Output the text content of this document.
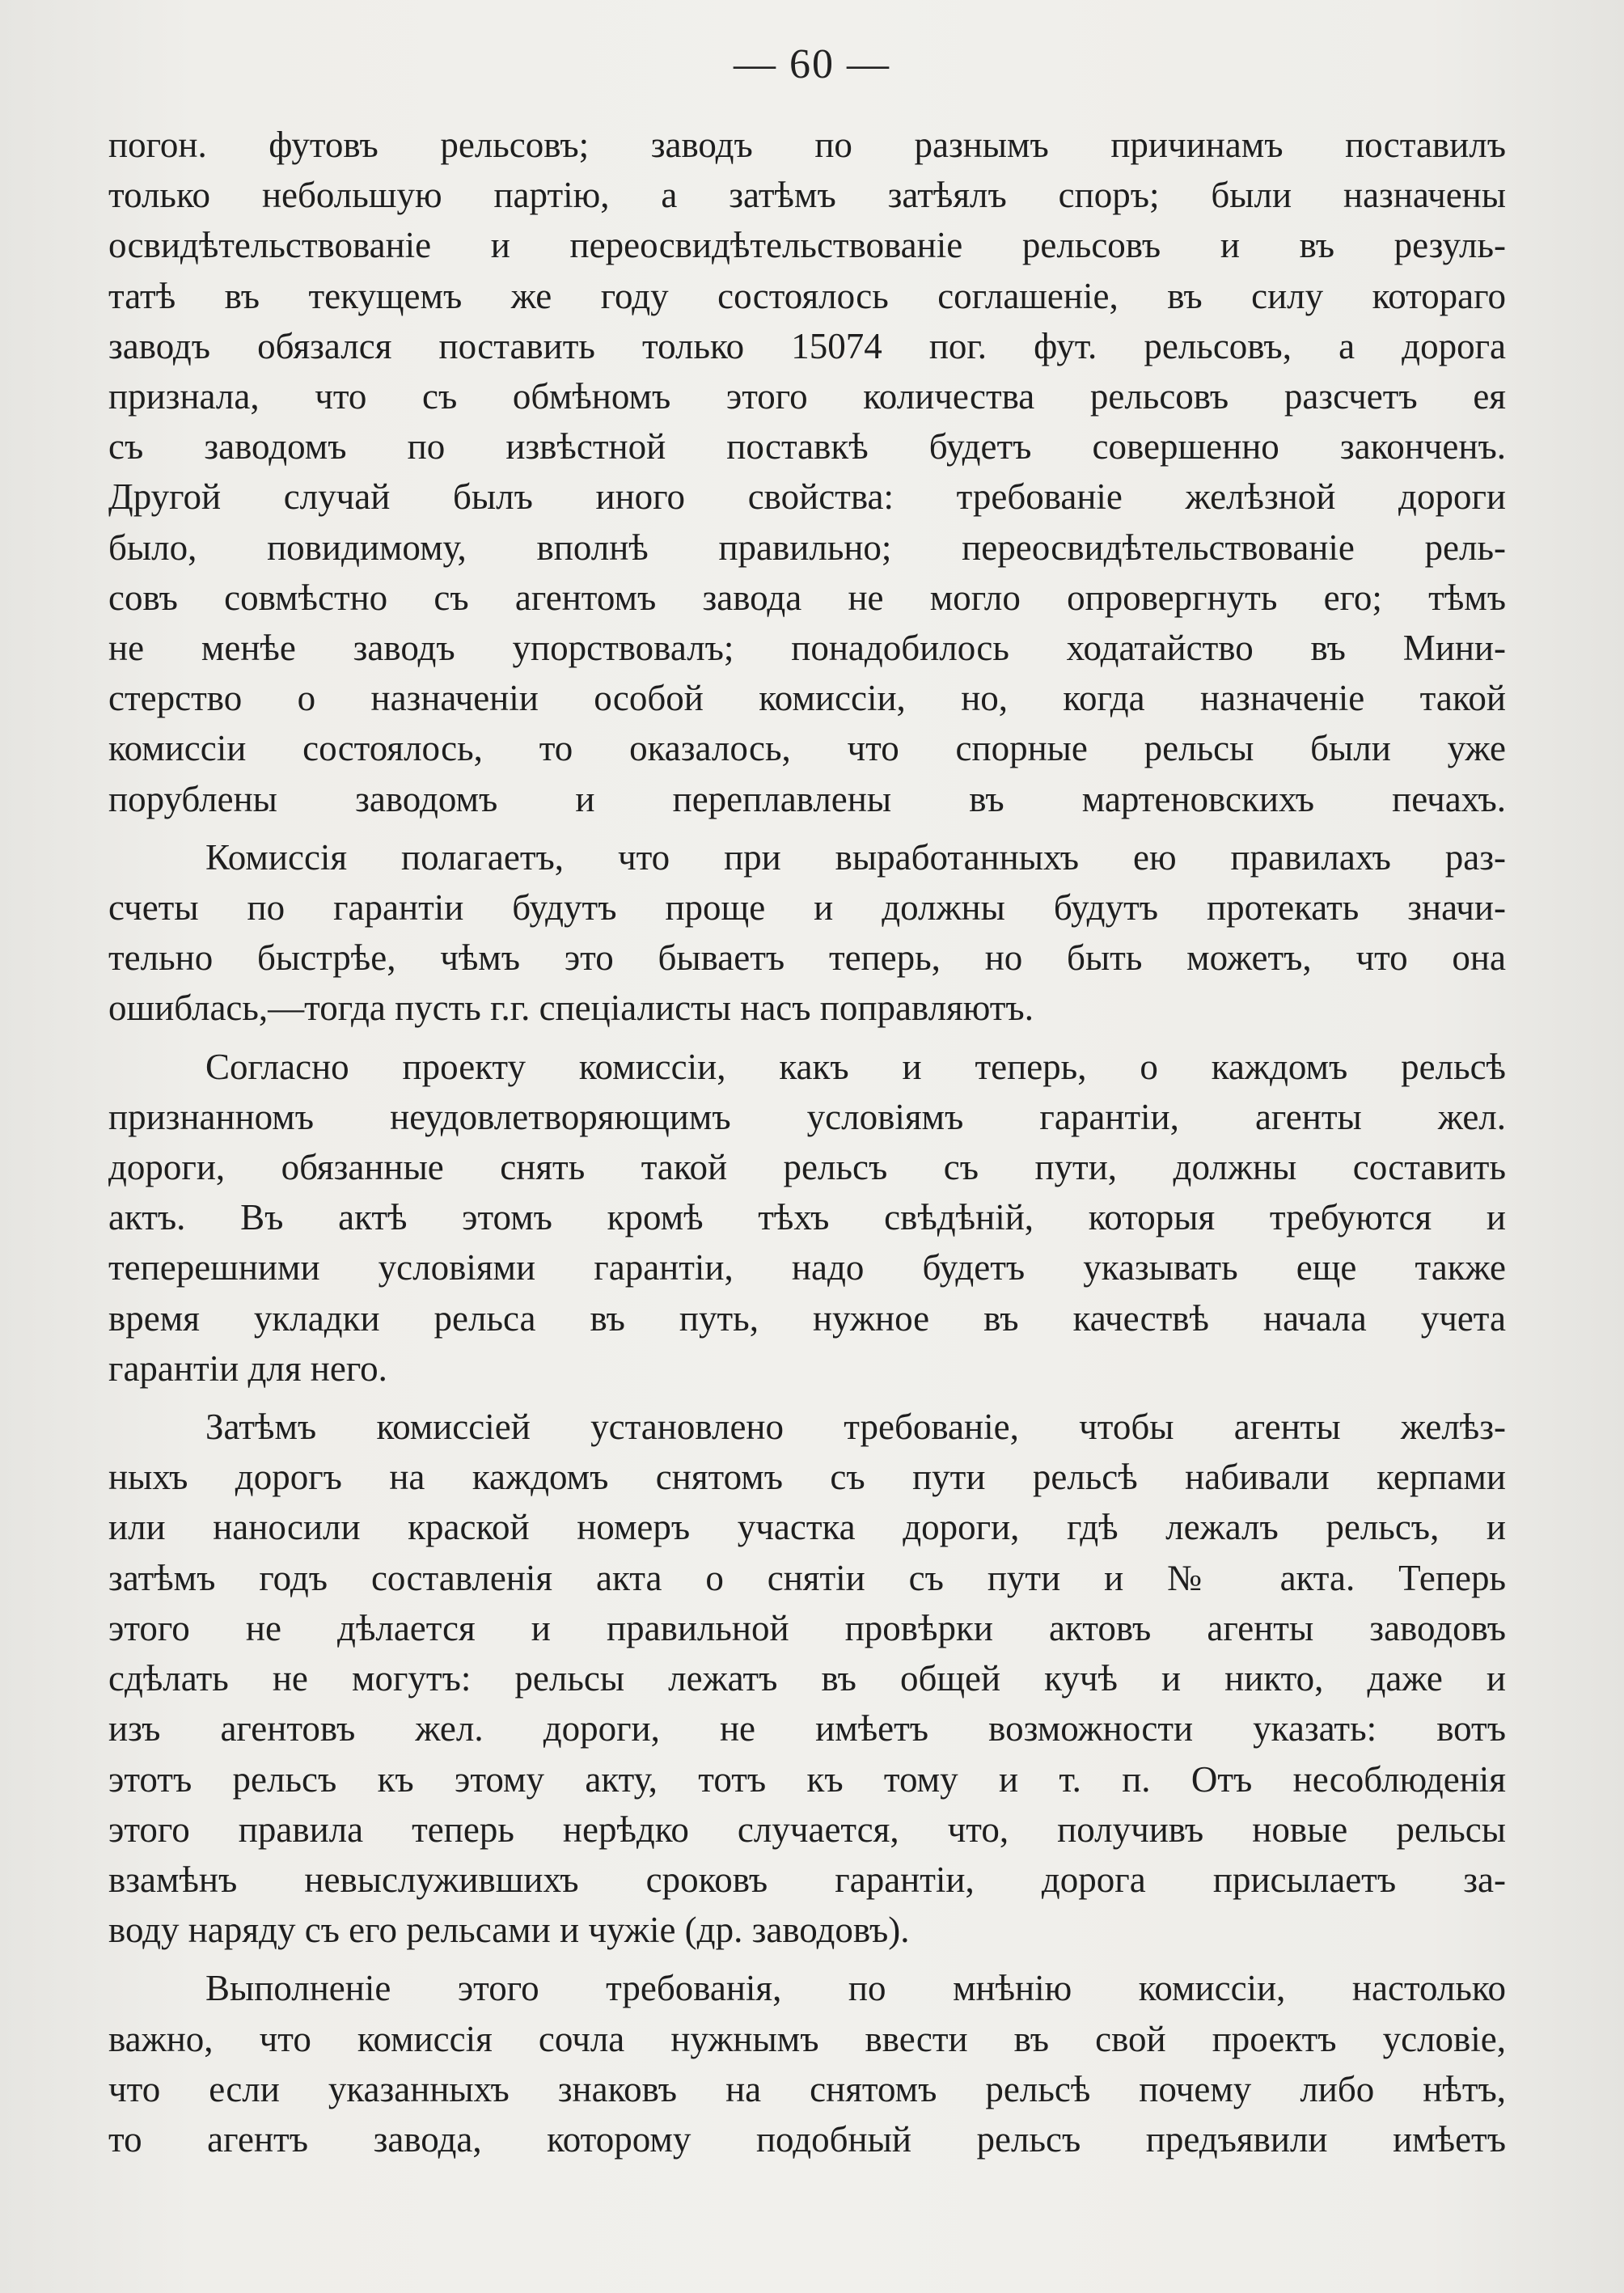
— 60 —
погон. футовъ рельсовъ; заводъ по разнымъ причинамъ поставилъ
только небольшую партію, а затѣмъ затѣялъ споръ; были назначены
освидѣтельствованіе и переосвидѣтельствованіе рельсовъ и въ резуль-
татѣ въ текущемъ же году состоялось соглашеніе, въ силу котораго
заводъ обязался поставить только 15074 пог. фут. рельсовъ, а дорога
признала, что съ обмѣномъ этого количества рельсовъ разсчетъ ея
съ заводомъ по извѣстной поставкѣ будетъ совершенно законченъ.
Другой случай былъ иного свойства: требованіе желѣзной дороги
было, повидимому, вполнѣ правильно; переосвидѣтельствованіе рель-
совъ совмѣстно съ агентомъ завода не могло опровергнуть его; тѣмъ
не менѣе заводъ упорствовалъ; понадобилось ходатайство въ Мини-
стерство о назначеніи особой комиссіи, но, когда назначеніе такой
комиссіи состоялось, то оказалось, что спорные рельсы были уже
порублены заводомъ и переплавлены въ мартеновскихъ печахъ.
Комиссія полагаетъ, что при выработанныхъ ею правилахъ раз-
счеты по гарантіи будутъ проще и должны будутъ протекать значи-
тельно быстрѣе, чѣмъ это бываетъ теперь, но быть можетъ, что она
ошиблась,—тогда пусть г.г. спеціалисты насъ поправляютъ.
Согласно проекту комиссіи, какъ и теперь, о каждомъ рельсѣ
признанномъ неудовлетворяющимъ условіямъ гарантіи, агенты жел.
дороги, обязанные снять такой рельсъ съ пути, должны составить
актъ. Въ актѣ этомъ кромѣ тѣхъ свѣдѣній, которыя требуются и
теперешними условіями гарантіи, надо будетъ указывать еще также
время укладки рельса въ путь, нужное въ качествѣ начала учета
гарантіи для него.
Затѣмъ комиссіей установлено требованіе, чтобы агенты желѣз-
ныхъ дорогъ на каждомъ снятомъ съ пути рельсѣ набивали керпами
или наносили краской номеръ участка дороги, гдѣ лежалъ рельсъ, и
затѣмъ годъ составленія акта о снятіи съ пути и № акта. Теперь
этого не дѣлается и правильной провѣрки актовъ агенты заводовъ
сдѣлать не могутъ: рельсы лежатъ въ общей кучѣ и никто, даже и
изъ агентовъ жел. дороги, не имѣетъ возможности указать: вотъ
этотъ рельсъ къ этому акту, тотъ къ тому и т. п. Отъ несоблюденія
этого правила теперь нерѣдко случается, что, получивъ новые рельсы
взамѣнъ невыслужившихъ сроковъ гарантіи, дорога присылаетъ за-
воду наряду съ его рельсами и чужіе (др. заводовъ).
Выполненіе этого требованія, по мнѣнію комиссіи, настолько
важно, что комиссія сочла нужнымъ ввести въ свой проектъ условіе,
что если указанныхъ знаковъ на снятомъ рельсѣ почему либо нѣтъ,
то агентъ завода, которому подобный рельсъ предъявили имѣетъ
